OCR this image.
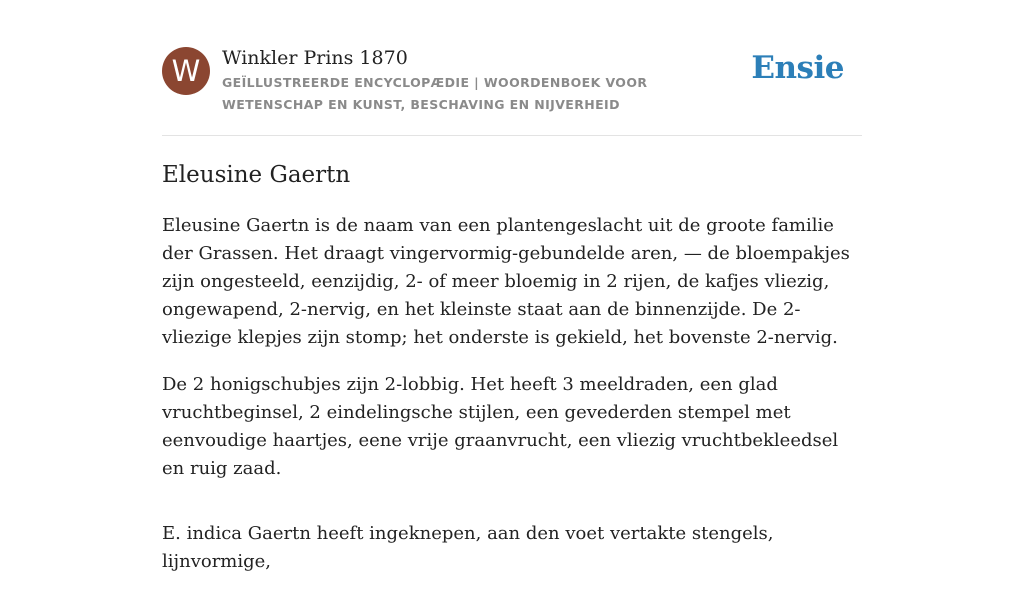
W	Winkler Prins 1870
GEÏLLUSTREERDE ENCYCLOPÆDIE | WOORDENBOEK VOOR WETENSCHAP EN KUNST, BESCHAVING EN NIJVERHEID
Ensie
Eleusine Gaertn

Eleusine Gaertn is de naam van een plantengeslacht uit de groote familie der Grassen. Het draagt vingervormig-gebundelde aren, — de bloempakjes zijn ongesteeld, eenzijdig, 2- of meer bloemig in 2 rijen, de kafjes vliezig, ongewapend, 2-nervig, en het kleinste staat aan de binnenzijde. De 2-vliezige klepjes zijn stomp; het onderste is gekield, het bovenste 2-nervig.

De 2 honigschubjes zijn 2-lobbig. Het heeft 3 meeldraden, een glad vruchtbeginsel, 2 eindelingsche stijlen, een gevederden stempel met eenvoudige haartjes, eene vrije graanvrucht, een vliezig vruchtbekleedsel en ruig zaad.

E. indica Gaertn heeft ingeknepen, aan den voet vertakte stengels, lijnvormige,
